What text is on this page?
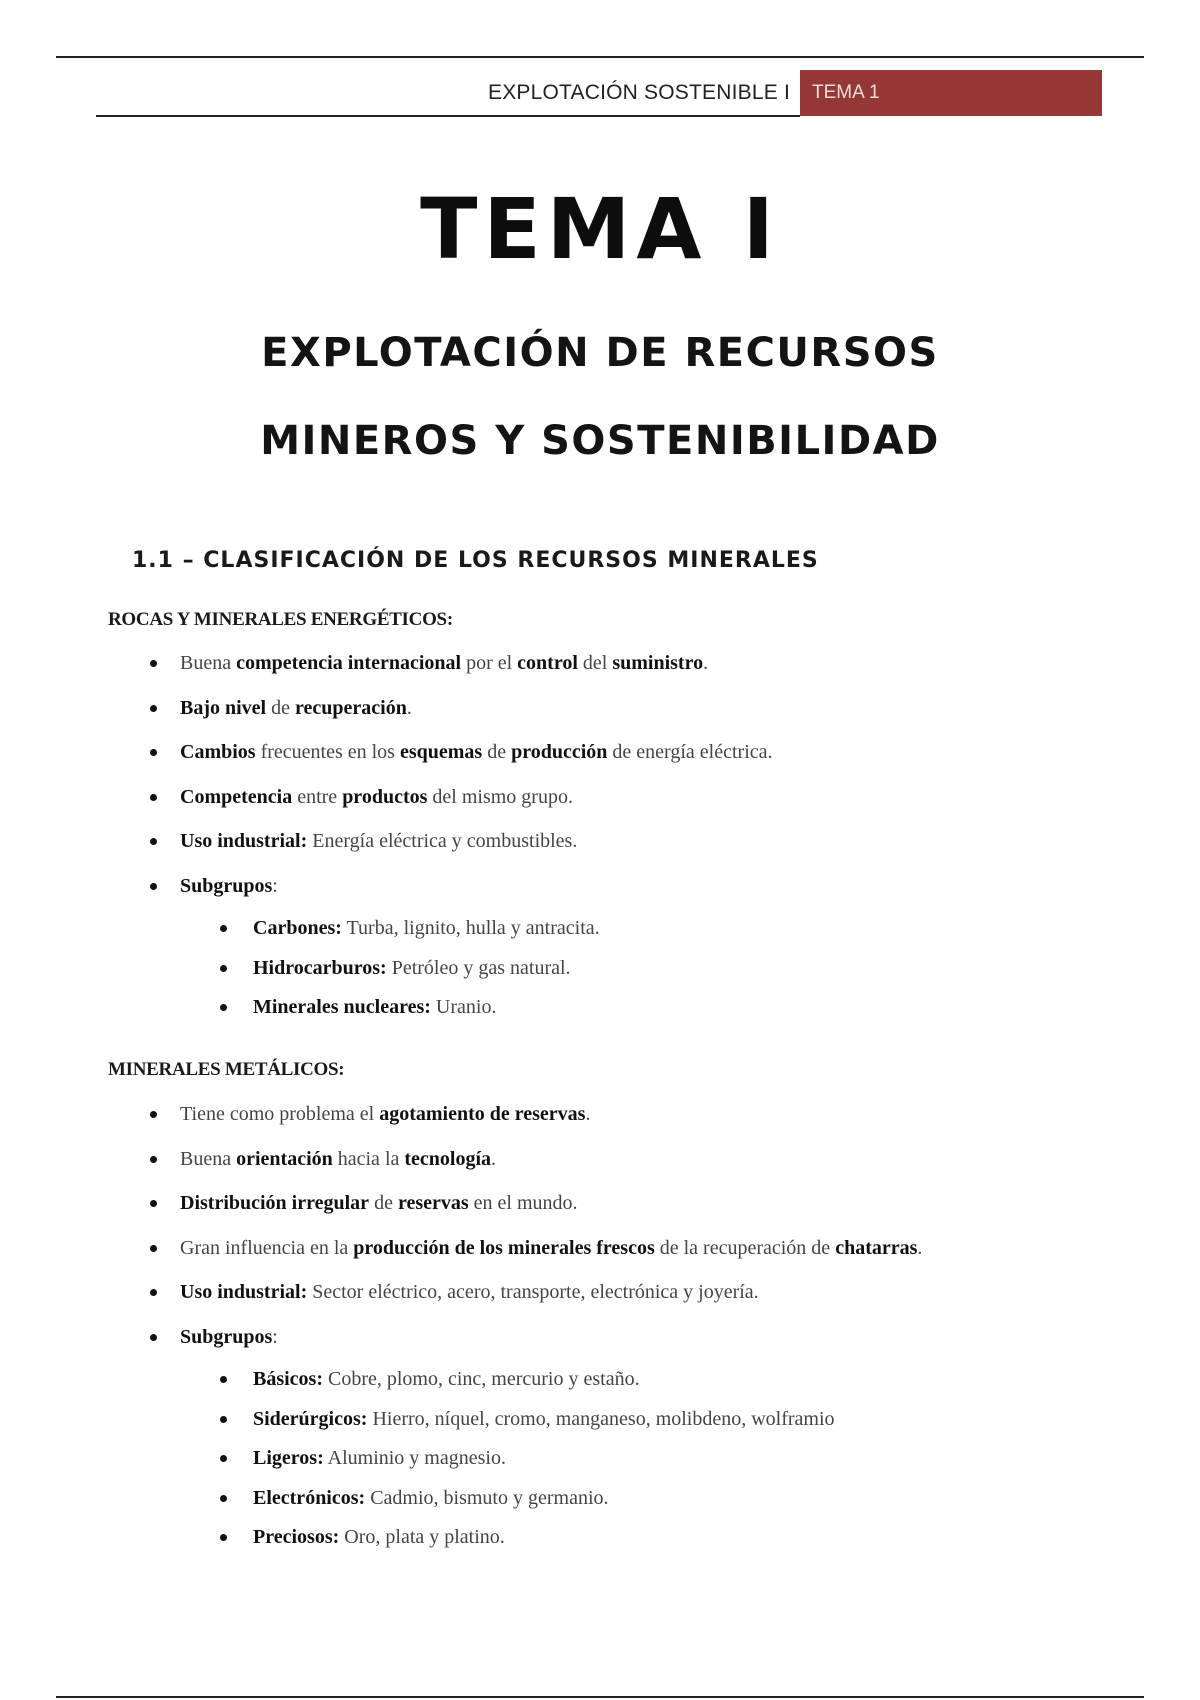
EXPLOTACIÓN SOSTENIBLE I	TEMA 1
TEMA I
EXPLOTACIÓN DE RECURSOS
MINEROS Y SOSTENIBILIDAD
1.1 – CLASIFICACIÓN DE LOS RECURSOS MINERALES
ROCAS Y MINERALES ENERGÉTICOS:
Buena competencia internacional por el control del suministro.
Bajo nivel de recuperación.
Cambios frecuentes en los esquemas de producción de energía eléctrica.
Competencia entre productos del mismo grupo.
Uso industrial: Energía eléctrica y combustibles.
Subgrupos:
Carbones: Turba, lignito, hulla y antracita.
Hidrocarburos: Petróleo y gas natural.
Minerales nucleares: Uranio.
MINERALES METÁLICOS:
Tiene como problema el agotamiento de reservas.
Buena orientación hacia la tecnología.
Distribución irregular de reservas en el mundo.
Gran influencia en la producción de los minerales frescos de la recuperación de chatarras.
Uso industrial: Sector eléctrico, acero, transporte, electrónica y joyería.
Subgrupos:
Básicos: Cobre, plomo, cinc, mercurio y estaño.
Siderúrgicos: Hierro, níquel, cromo, manganeso, molibdeno, wolframio
Ligeros: Aluminio y magnesio.
Electrónicos: Cadmio, bismuto y germanio.
Preciosos: Oro, plata y platino.
